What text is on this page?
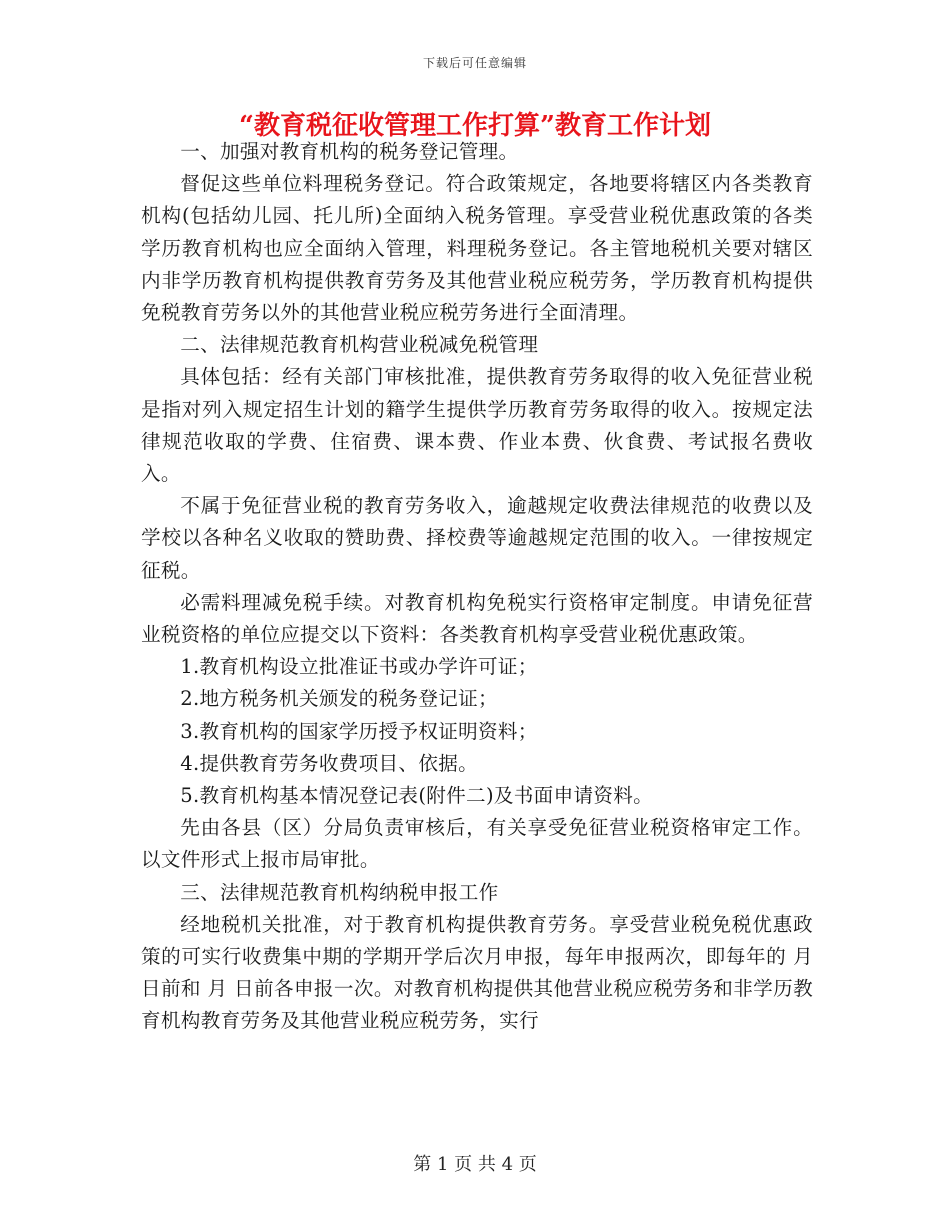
下载后可任意编辑
“教育税征收管理工作打算”教育工作计划

一、加强对教育机构的税务登记管理。

督促这些单位料理税务登记。符合政策规定，各地要将辖区内各类教育机构(包括幼儿园、托儿所)全面纳入税务管理。享受营业税优惠政策的各类学历教育机构也应全面纳入管理，料理税务登记。各主管地税机关要对辖区内非学历教育机构提供教育劳务及其他营业税应税劳务，学历教育机构提供免税教育劳务以外的其他营业税应税劳务进行全面清理。

二、法律规范教育机构营业税减免税管理

具体包括：经有关部门审核批准，提供教育劳务取得的收入免征营业税是指对列入规定招生计划的籍学生提供学历教育劳务取得的收入。按规定法律规范收取的学费、住宿费、课本费、作业本费、伙食费、考试报名费收入。

不属于免征营业税的教育劳务收入，逾越规定收费法律规范的收费以及学校以各种名义收取的赞助费、择校费等逾越规定范围的收入。一律按规定征税。

必需料理减免税手续。对教育机构免税实行资格审定制度。申请免征营业税资格的单位应提交以下资料：各类教育机构享受营业税优惠政策。

1.教育机构设立批准证书或办学许可证；

2.地方税务机关颁发的税务登记证；

3.教育机构的国家学历授予权证明资料；

4.提供教育劳务收费项目、依据。

5.教育机构基本情况登记表(附件二)及书面申请资料。

先由各县（区）分局负责审核后，有关享受免征营业税资格审定工作。以文件形式上报市局审批。

三、法律规范教育机构纳税申报工作

经地税机关批准，对于教育机构提供教育劳务。享受营业税免税优惠政策的可实行收费集中期的学期开学后次月申报，每年申报两次，即每年的 月 日前和 月 日前各申报一次。对教育机构提供其他营业税应税劳务和非学历教育机构教育劳务及其他营业税应税劳务，实行

第 1 页 共 4 页
